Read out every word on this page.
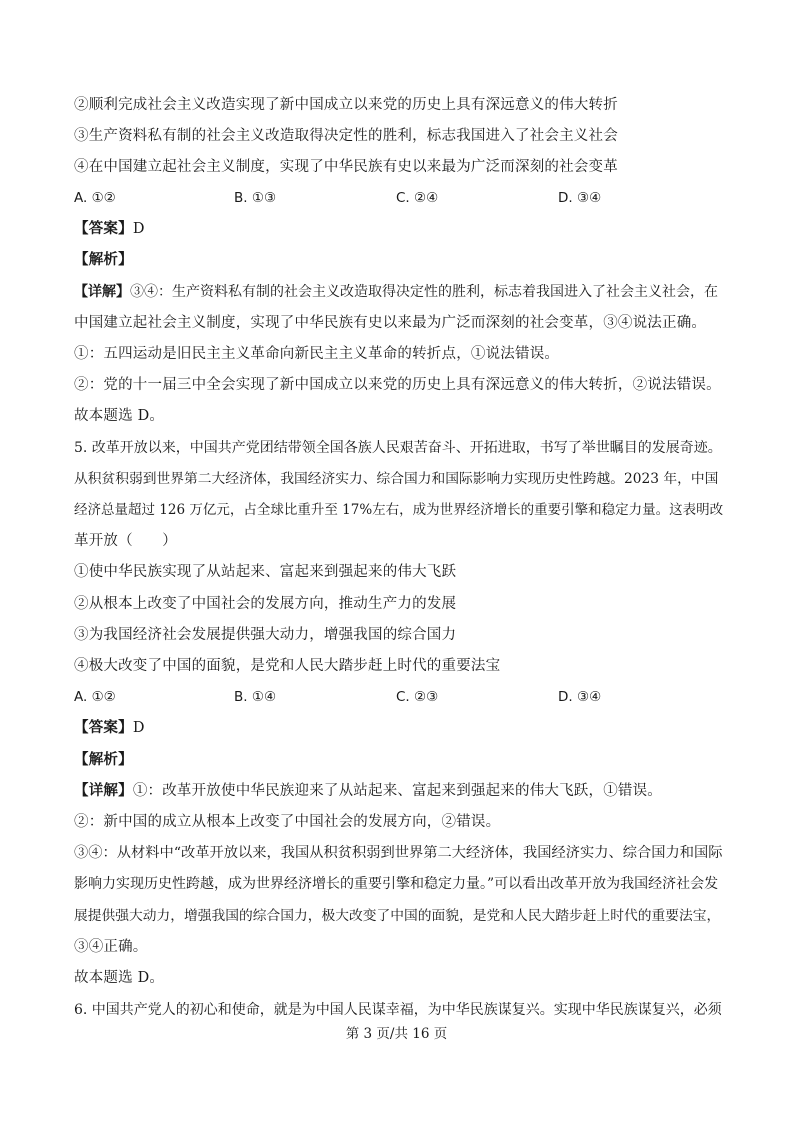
②顺利完成社会主义改造实现了新中国成立以来党的历史上具有深远意义的伟大转折
③生产资料私有制的社会主义改造取得决定性的胜利，标志我国进入了社会主义社会
④在中国建立起社会主义制度，实现了中华民族有史以来最为广泛而深刻的社会变革
A. ①②	B. ①③	C. ②④	D. ③④
【答案】D
【解析】
【详解】③④：生产资料私有制的社会主义改造取得决定性的胜利，标志着我国进入了社会主义社会，在
中国建立起社会主义制度，实现了中华民族有史以来最为广泛而深刻的社会变革，③④说法正确。
①：五四运动是旧民主主义革命向新民主主义革命的转折点，①说法错误。
②：党的十一届三中全会实现了新中国成立以来党的历史上具有深远意义的伟大转折，②说法错误。
故本题选 D。
5. 改革开放以来，中国共产党团结带领全国各族人民艰苦奋斗、开拓进取，书写了举世瞩目的发展奇迹。
从积贫积弱到世界第二大经济体，我国经济实力、综合国力和国际影响力实现历史性跨越。2023 年，中国
经济总量超过 126 万亿元，占全球比重升至 17%左右，成为世界经济增长的重要引擎和稳定力量。这表明改
革开放（　　）
①使中华民族实现了从站起来、富起来到强起来的伟大飞跃
②从根本上改变了中国社会的发展方向，推动生产力的发展
③为我国经济社会发展提供强大动力，增强我国的综合国力
④极大改变了中国的面貌，是党和人民大踏步赶上时代的重要法宝
A. ①②	B. ①④	C. ②③	D. ③④
【答案】D
【解析】
【详解】①：改革开放使中华民族迎来了从站起来、富起来到强起来的伟大飞跃，①错误。
②：新中国的成立从根本上改变了中国社会的发展方向，②错误。
③④：从材料中“改革开放以来，我国从积贫积弱到世界第二大经济体，我国经济实力、综合国力和国际
影响力实现历史性跨越，成为世界经济增长的重要引擎和稳定力量。”可以看出改革开放为我国经济社会发
展提供强大动力，增强我国的综合国力，极大改变了中国的面貌，是党和人民大踏步赶上时代的重要法宝，
③④正确。
故本题选 D。
6. 中国共产党人的初心和使命，就是为中国人民谋幸福，为中华民族谋复兴。实现中华民族谋复兴，必须
第 3 页/共 16 页
